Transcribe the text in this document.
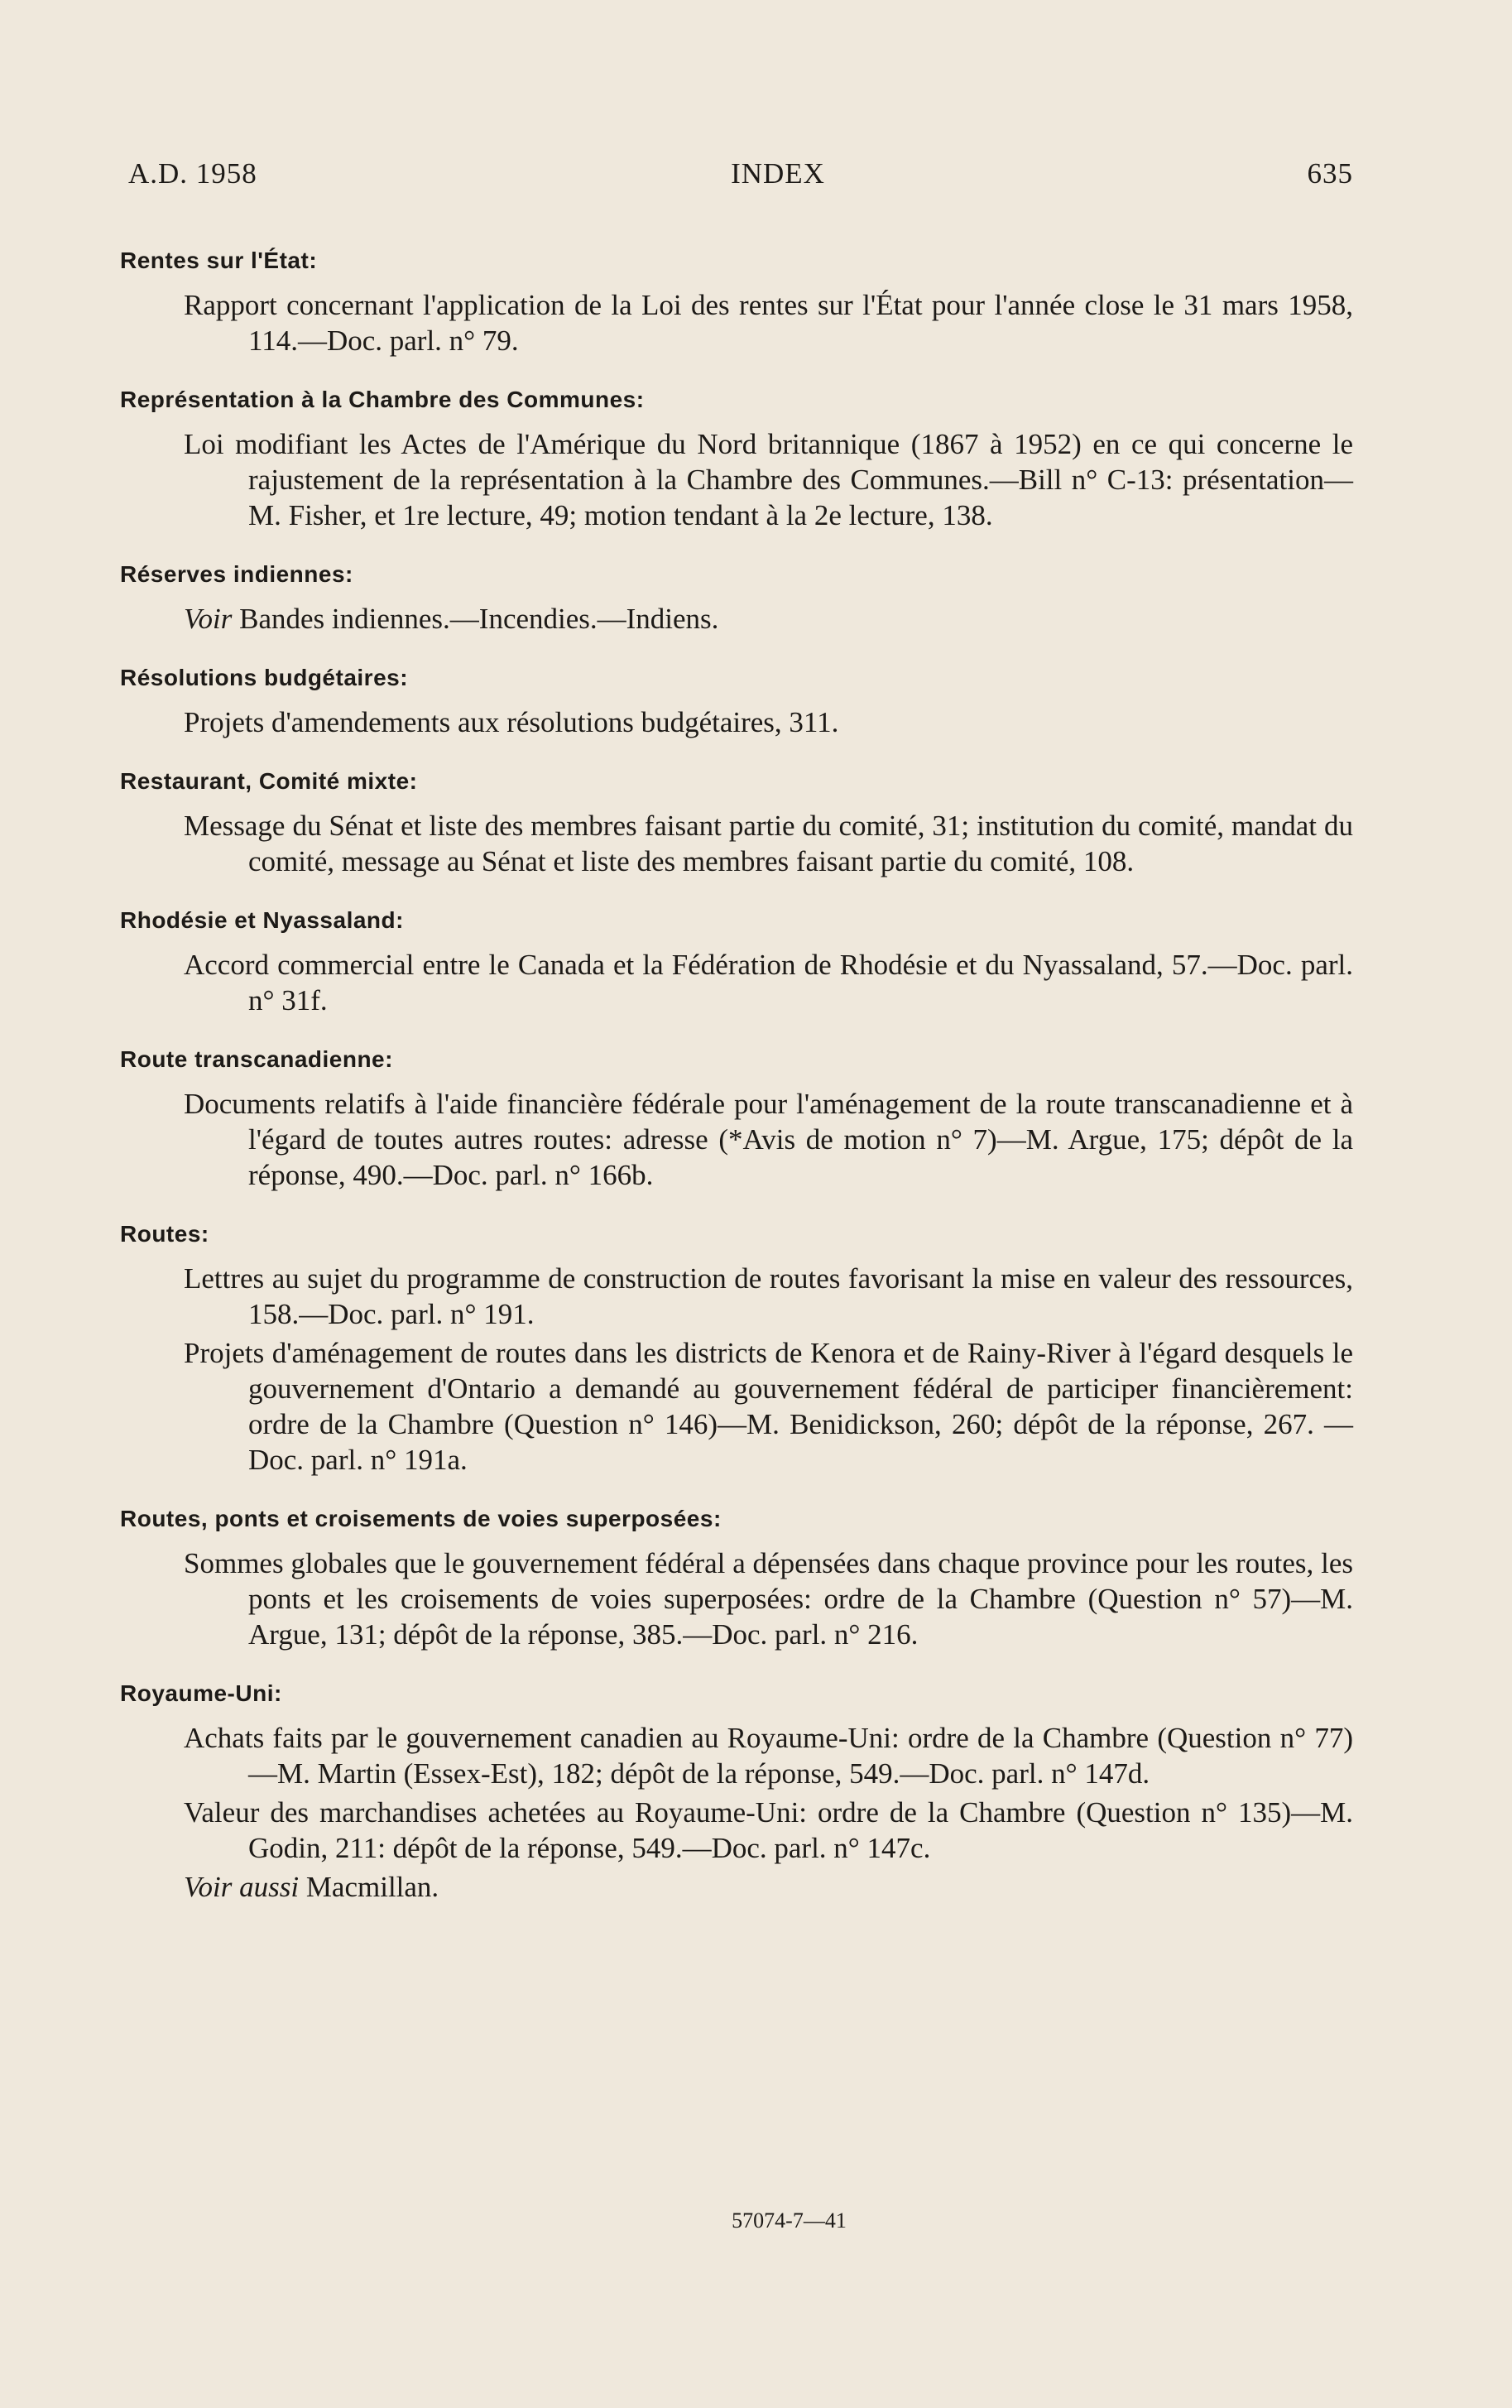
A.D. 1958	INDEX	635
Rentes sur l'État:
Rapport concernant l'application de la Loi des rentes sur l'État pour l'année close le 31 mars 1958, 114.—Doc. parl. n° 79.
Représentation à la Chambre des Communes:
Loi modifiant les Actes de l'Amérique du Nord britannique (1867 à 1952) en ce qui concerne le rajustement de la représentation à la Chambre des Communes.—Bill n° C-13: présentation—M. Fisher, et 1re lecture, 49; motion tendant à la 2e lecture, 138.
Réserves indiennes:
Voir Bandes indiennes.—Incendies.—Indiens.
Résolutions budgétaires:
Projets d'amendements aux résolutions budgétaires, 311.
Restaurant, Comité mixte:
Message du Sénat et liste des membres faisant partie du comité, 31; institution du comité, mandat du comité, message au Sénat et liste des membres faisant partie du comité, 108.
Rhodésie et Nyassaland:
Accord commercial entre le Canada et la Fédération de Rhodésie et du Nyassaland, 57.—Doc. parl. n° 31f.
Route transcanadienne:
Documents relatifs à l'aide financière fédérale pour l'aménagement de la route transcanadienne et à l'égard de toutes autres routes: adresse (*Avis de motion n° 7)—M. Argue, 175; dépôt de la réponse, 490.—Doc. parl. n° 166b.
Routes:
Lettres au sujet du programme de construction de routes favorisant la mise en valeur des ressources, 158.—Doc. parl. n° 191.
Projets d'aménagement de routes dans les districts de Kenora et de Rainy-River à l'égard desquels le gouvernement d'Ontario a demandé au gouvernement fédéral de participer financièrement: ordre de la Chambre (Question n° 146)—M. Benidickson, 260; dépôt de la réponse, 267. —Doc. parl. n° 191a.
Routes, ponts et croisements de voies superposées:
Sommes globales que le gouvernement fédéral a dépensées dans chaque province pour les routes, les ponts et les croisements de voies superposées: ordre de la Chambre (Question n° 57)—M. Argue, 131; dépôt de la réponse, 385.—Doc. parl. n° 216.
Royaume-Uni:
Achats faits par le gouvernement canadien au Royaume-Uni: ordre de la Chambre (Question n° 77)—M. Martin (Essex-Est), 182; dépôt de la réponse, 549.—Doc. parl. n° 147d.
Valeur des marchandises achetées au Royaume-Uni: ordre de la Chambre (Question n° 135)—M. Godin, 211: dépôt de la réponse, 549.—Doc. parl. n° 147c.
Voir aussi Macmillan.
57074-7—41
